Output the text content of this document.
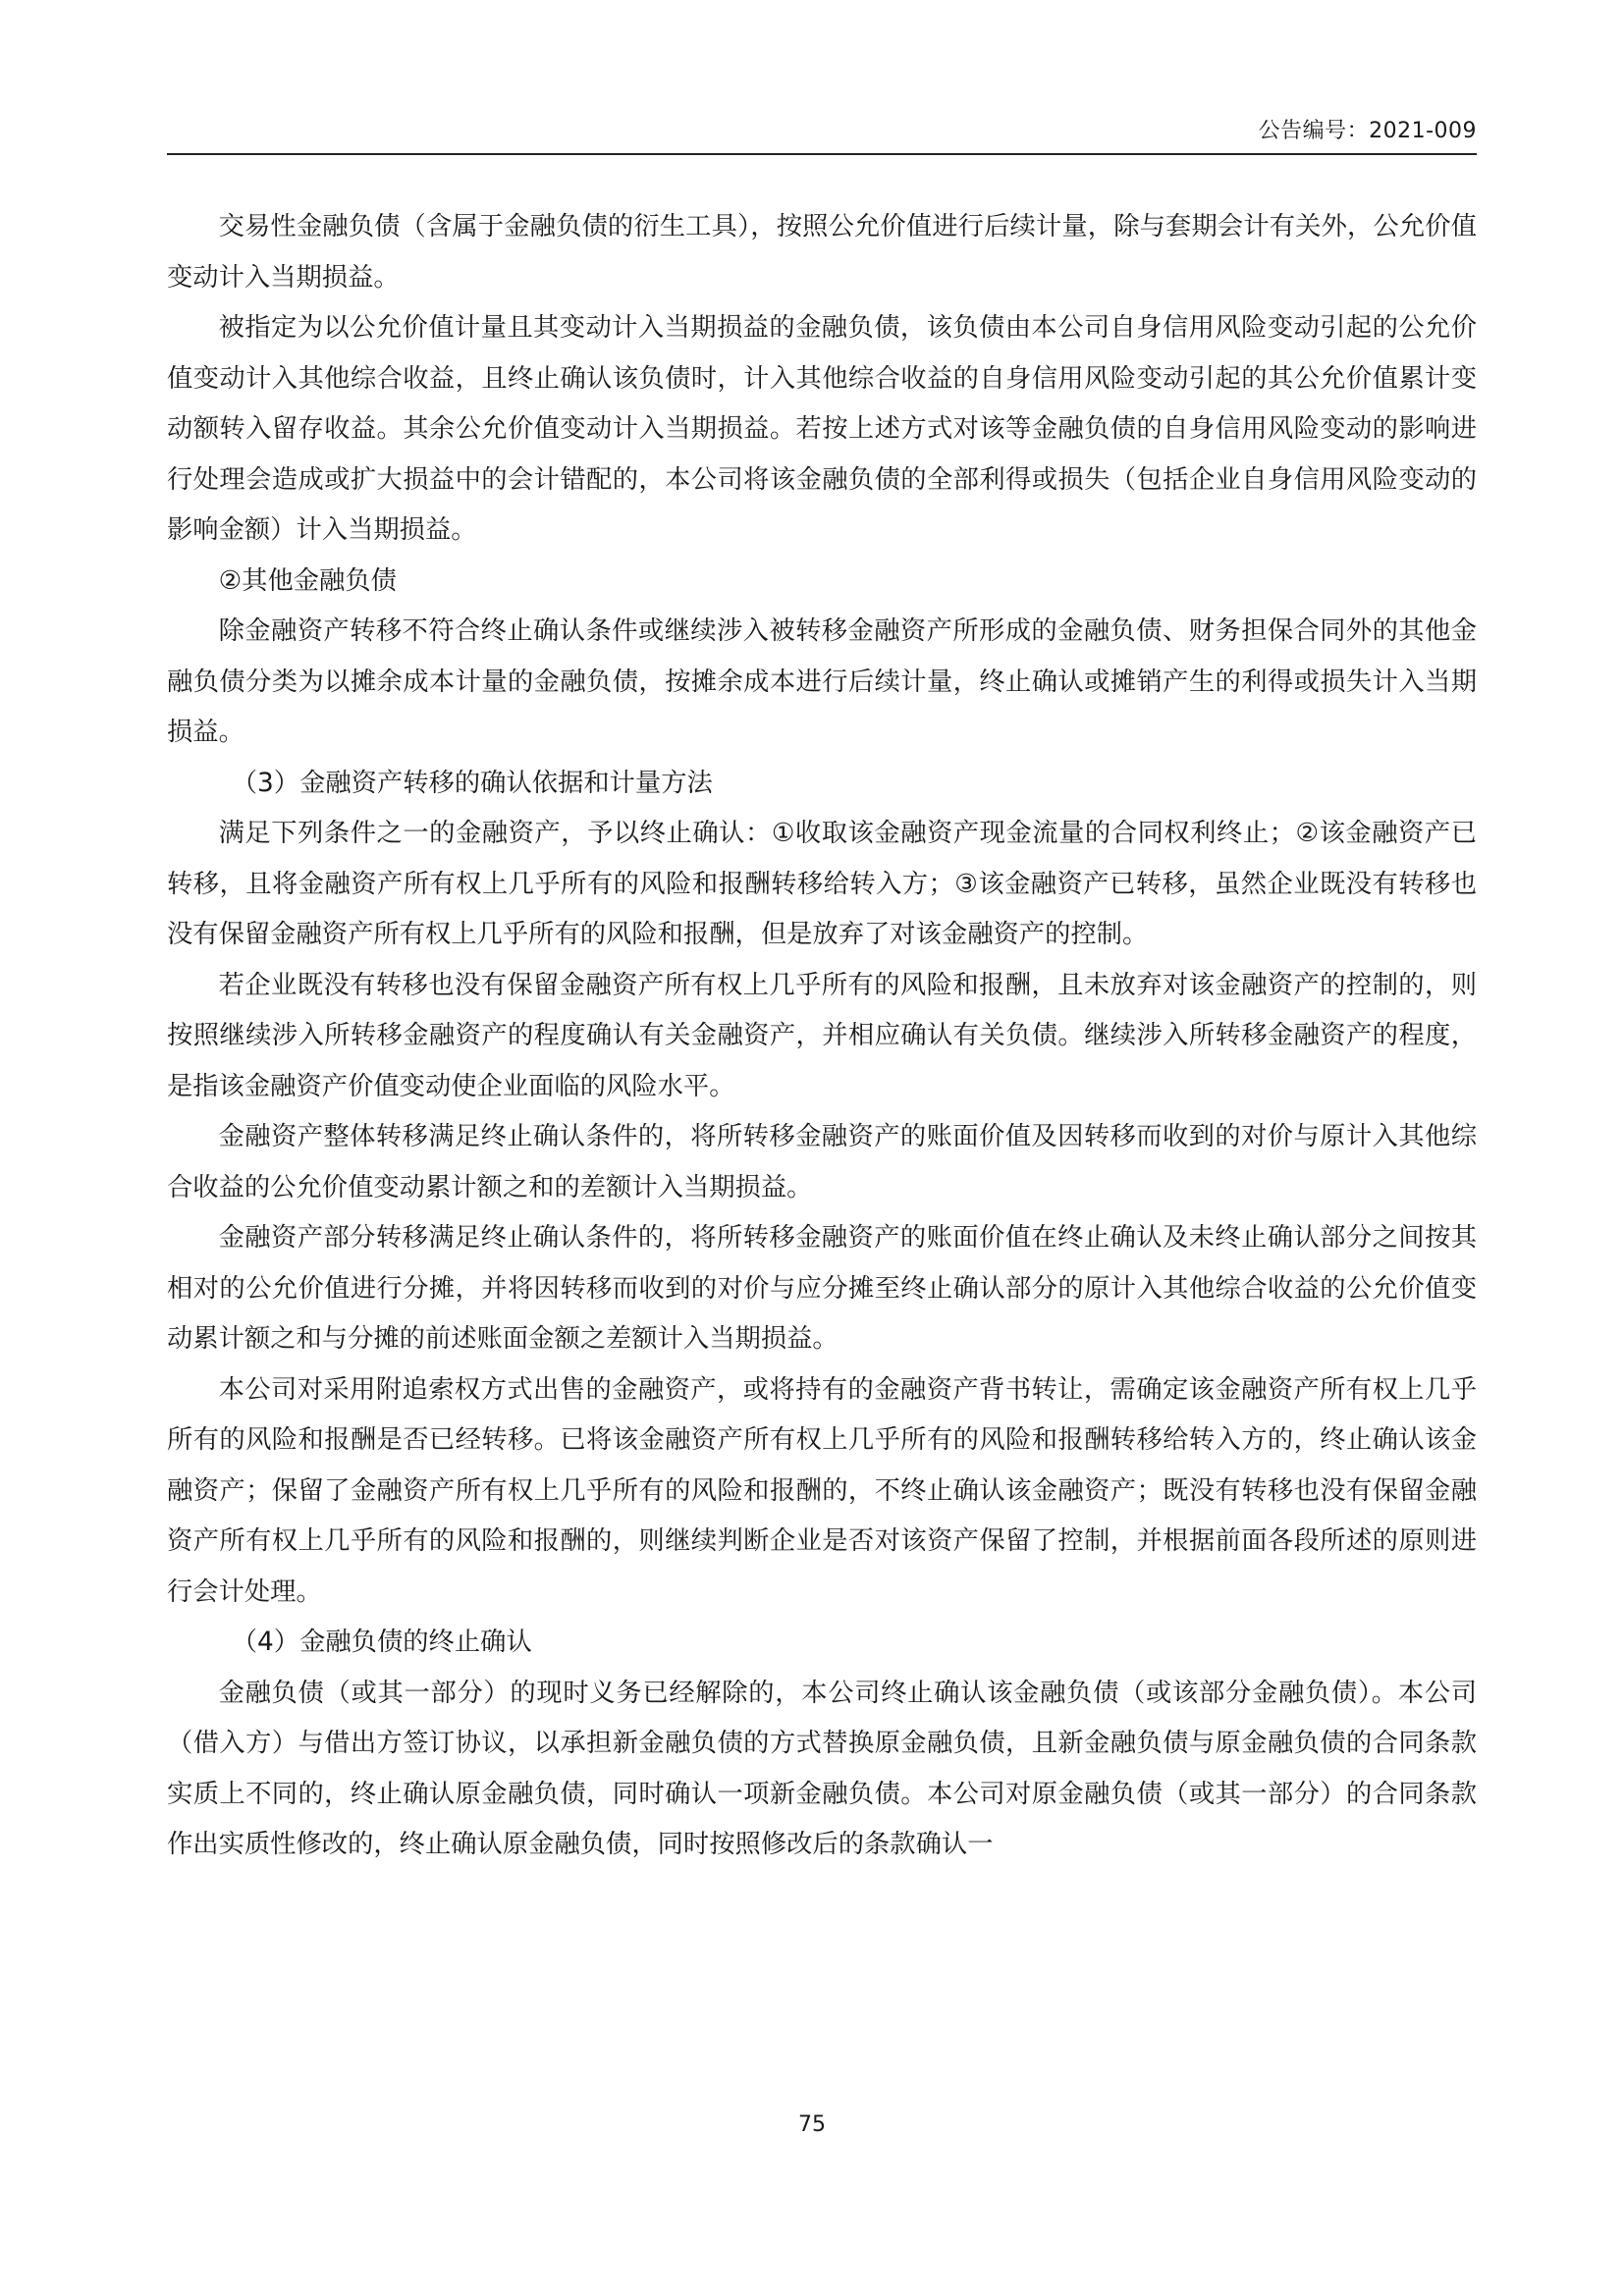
公告编号：2021-009

交易性金融负债（含属于金融负债的衍生工具），按照公允价值进行后续计量，除与套期会计有关外，公允价值变动计入当期损益。

被指定为以公允价值计量且其变动计入当期损益的金融负债，该负债由本公司自身信用风险变动引起的公允价值变动计入其他综合收益，且终止确认该负债时，计入其他综合收益的自身信用风险变动引起的其公允价值累计变动额转入留存收益。其余公允价值变动计入当期损益。若按上述方式对该等金融负债的自身信用风险变动的影响进行处理会造成或扩大损益中的会计错配的，本公司将该金融负债的全部利得或损失（包括企业自身信用风险变动的影响金额）计入当期损益。

②其他金融负债

除金融资产转移不符合终止确认条件或继续涉入被转移金融资产所形成的金融负债、财务担保合同外的其他金融负债分类为以摊余成本计量的金融负债，按摊余成本进行后续计量，终止确认或摊销产生的利得或损失计入当期损益。

（3）金融资产转移的确认依据和计量方法

满足下列条件之一的金融资产，予以终止确认：①收取该金融资产现金流量的合同权利终止；②该金融资产已转移，且将金融资产所有权上几乎所有的风险和报酬转移给转入方；③该金融资产已转移，虽然企业既没有转移也没有保留金融资产所有权上几乎所有的风险和报酬，但是放弃了对该金融资产的控制。

若企业既没有转移也没有保留金融资产所有权上几乎所有的风险和报酬，且未放弃对该金融资产的控制的，则按照继续涉入所转移金融资产的程度确认有关金融资产，并相应确认有关负债。继续涉入所转移金融资产的程度，是指该金融资产价值变动使企业面临的风险水平。

金融资产整体转移满足终止确认条件的，将所转移金融资产的账面价值及因转移而收到的对价与原计入其他综合收益的公允价值变动累计额之和的差额计入当期损益。

金融资产部分转移满足终止确认条件的，将所转移金融资产的账面价值在终止确认及未终止确认部分之间按其相对的公允价值进行分摊，并将因转移而收到的对价与应分摊至终止确认部分的原计入其他综合收益的公允价值变动累计额之和与分摊的前述账面金额之差额计入当期损益。

本公司对采用附追索权方式出售的金融资产，或将持有的金融资产背书转让，需确定该金融资产所有权上几乎所有的风险和报酬是否已经转移。已将该金融资产所有权上几乎所有的风险和报酬转移给转入方的，终止确认该金融资产；保留了金融资产所有权上几乎所有的风险和报酬的，不终止确认该金融资产；既没有转移也没有保留金融资产所有权上几乎所有的风险和报酬的，则继续判断企业是否对该资产保留了控制，并根据前面各段所述的原则进行会计处理。

（4）金融负债的终止确认

金融负债（或其一部分）的现时义务已经解除的，本公司终止确认该金融负债（或该部分金融负债）。本公司（借入方）与借出方签订协议，以承担新金融负债的方式替换原金融负债，且新金融负债与原金融负债的合同条款实质上不同的，终止确认原金融负债，同时确认一项新金融负债。本公司对原金融负债（或其一部分）的合同条款作出实质性修改的，终止确认原金融负债，同时按照修改后的条款确认一

75
